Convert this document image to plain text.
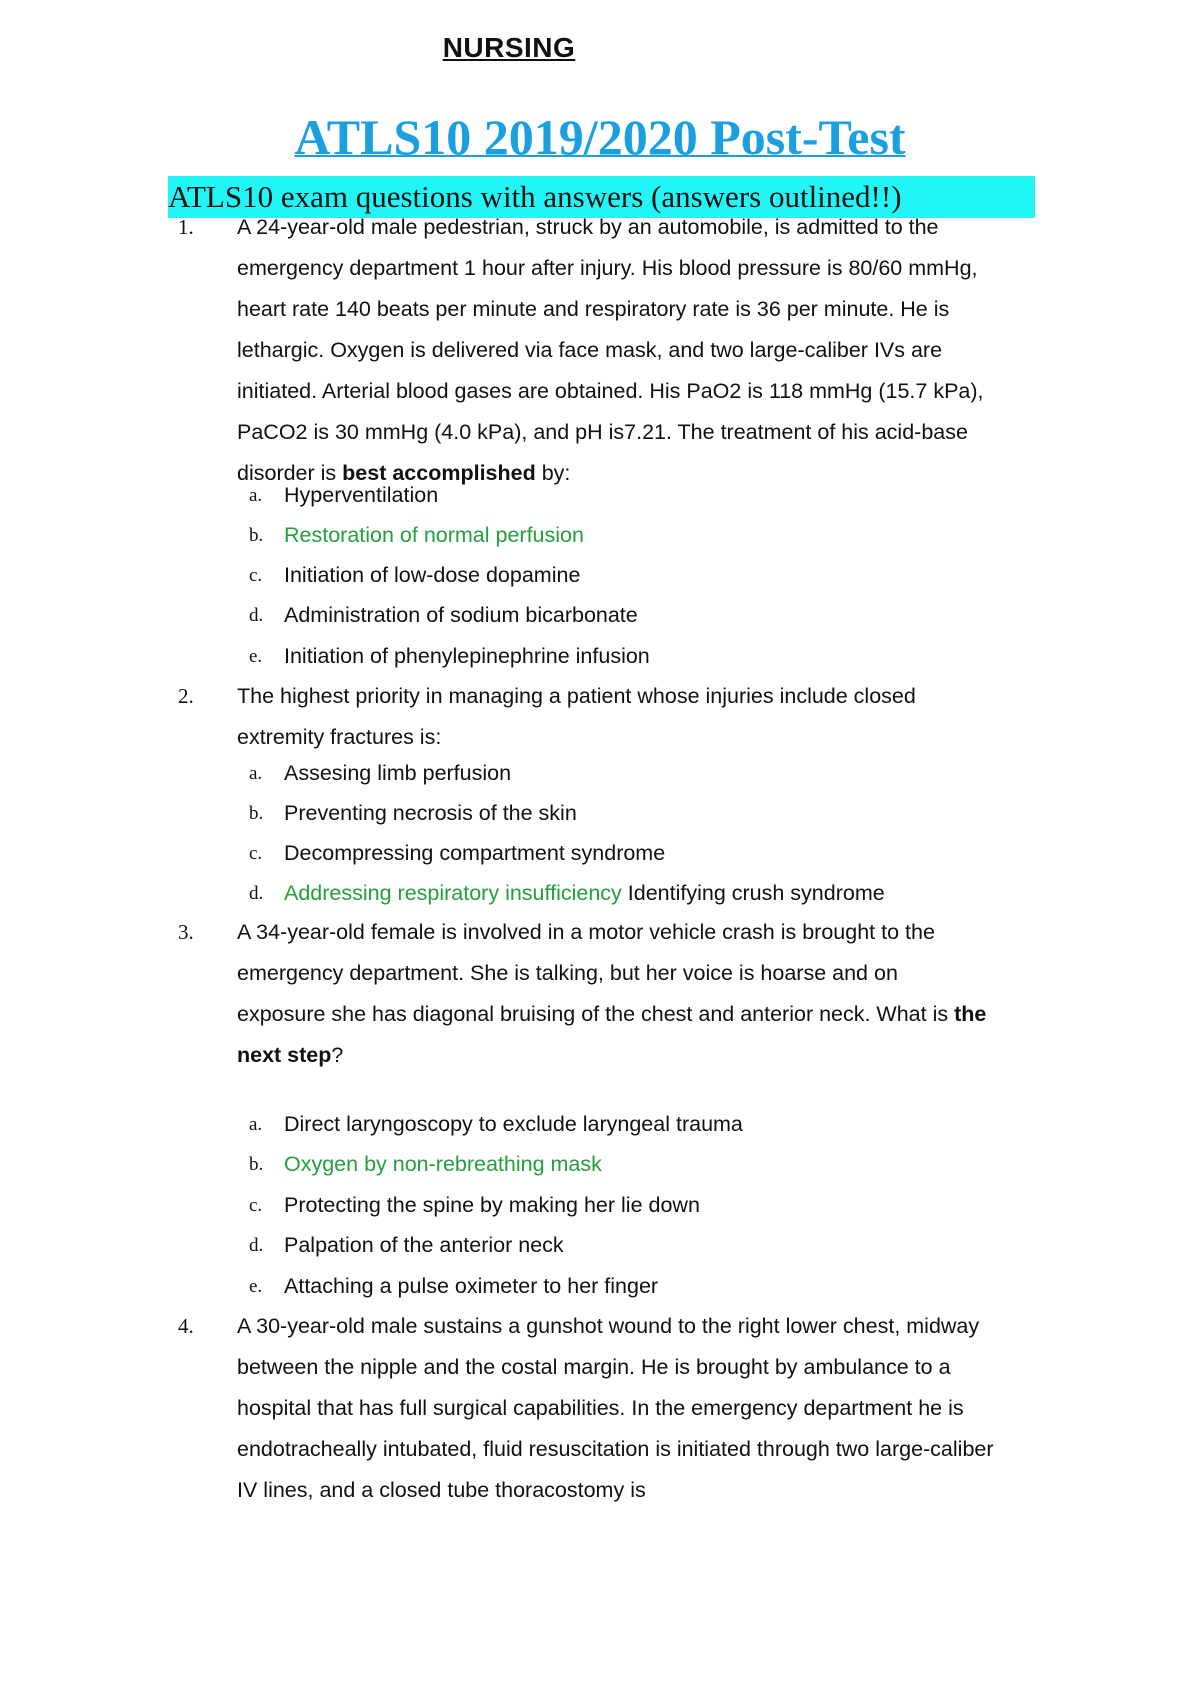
NURSING
ATLS10 2019/2020 Post-Test
ATLS10 exam questions with answers (answers outlined!!)
1. A 24-year-old male pedestrian, struck by an automobile, is admitted to the emergency department 1 hour after injury. His blood pressure is 80/60 mmHg, heart rate 140 beats per minute and respiratory rate is 36 per minute. He is lethargic. Oxygen is delivered via face mask, and two large-caliber IVs are initiated. Arterial blood gases are obtained. His PaO2 is 118 mmHg (15.7 kPa), PaCO2 is 30 mmHg (4.0 kPa), and pH is7.21. The treatment of his acid-base disorder is best accomplished by:
a. Hyperventilation
b. Restoration of normal perfusion
c. Initiation of low-dose dopamine
d. Administration of sodium bicarbonate
e. Initiation of phenylepinephrine infusion
2. The highest priority in managing a patient whose injuries include closed extremity fractures is:
a. Assesing limb perfusion
b. Preventing necrosis of the skin
c. Decompressing compartment syndrome
d. Addressing respiratory insufficiency Identifying crush syndrome
3. A 34-year-old female is involved in a motor vehicle crash is brought to the emergency department. She is talking, but her voice is hoarse and on exposure she has diagonal bruising of the chest and anterior neck. What is the next step?
a. Direct laryngoscopy to exclude laryngeal trauma
b. Oxygen by non-rebreathing mask
c. Protecting the spine by making her lie down
d. Palpation of the anterior neck
e. Attaching a pulse oximeter to her finger
4. A 30-year-old male sustains a gunshot wound to the right lower chest, midway between the nipple and the costal margin. He is brought by ambulance to a hospital that has full surgical capabilities. In the emergency department he is endotracheally intubated, fluid resuscitation is initiated through two large-caliber IV lines, and a closed tube thoracostomy is
